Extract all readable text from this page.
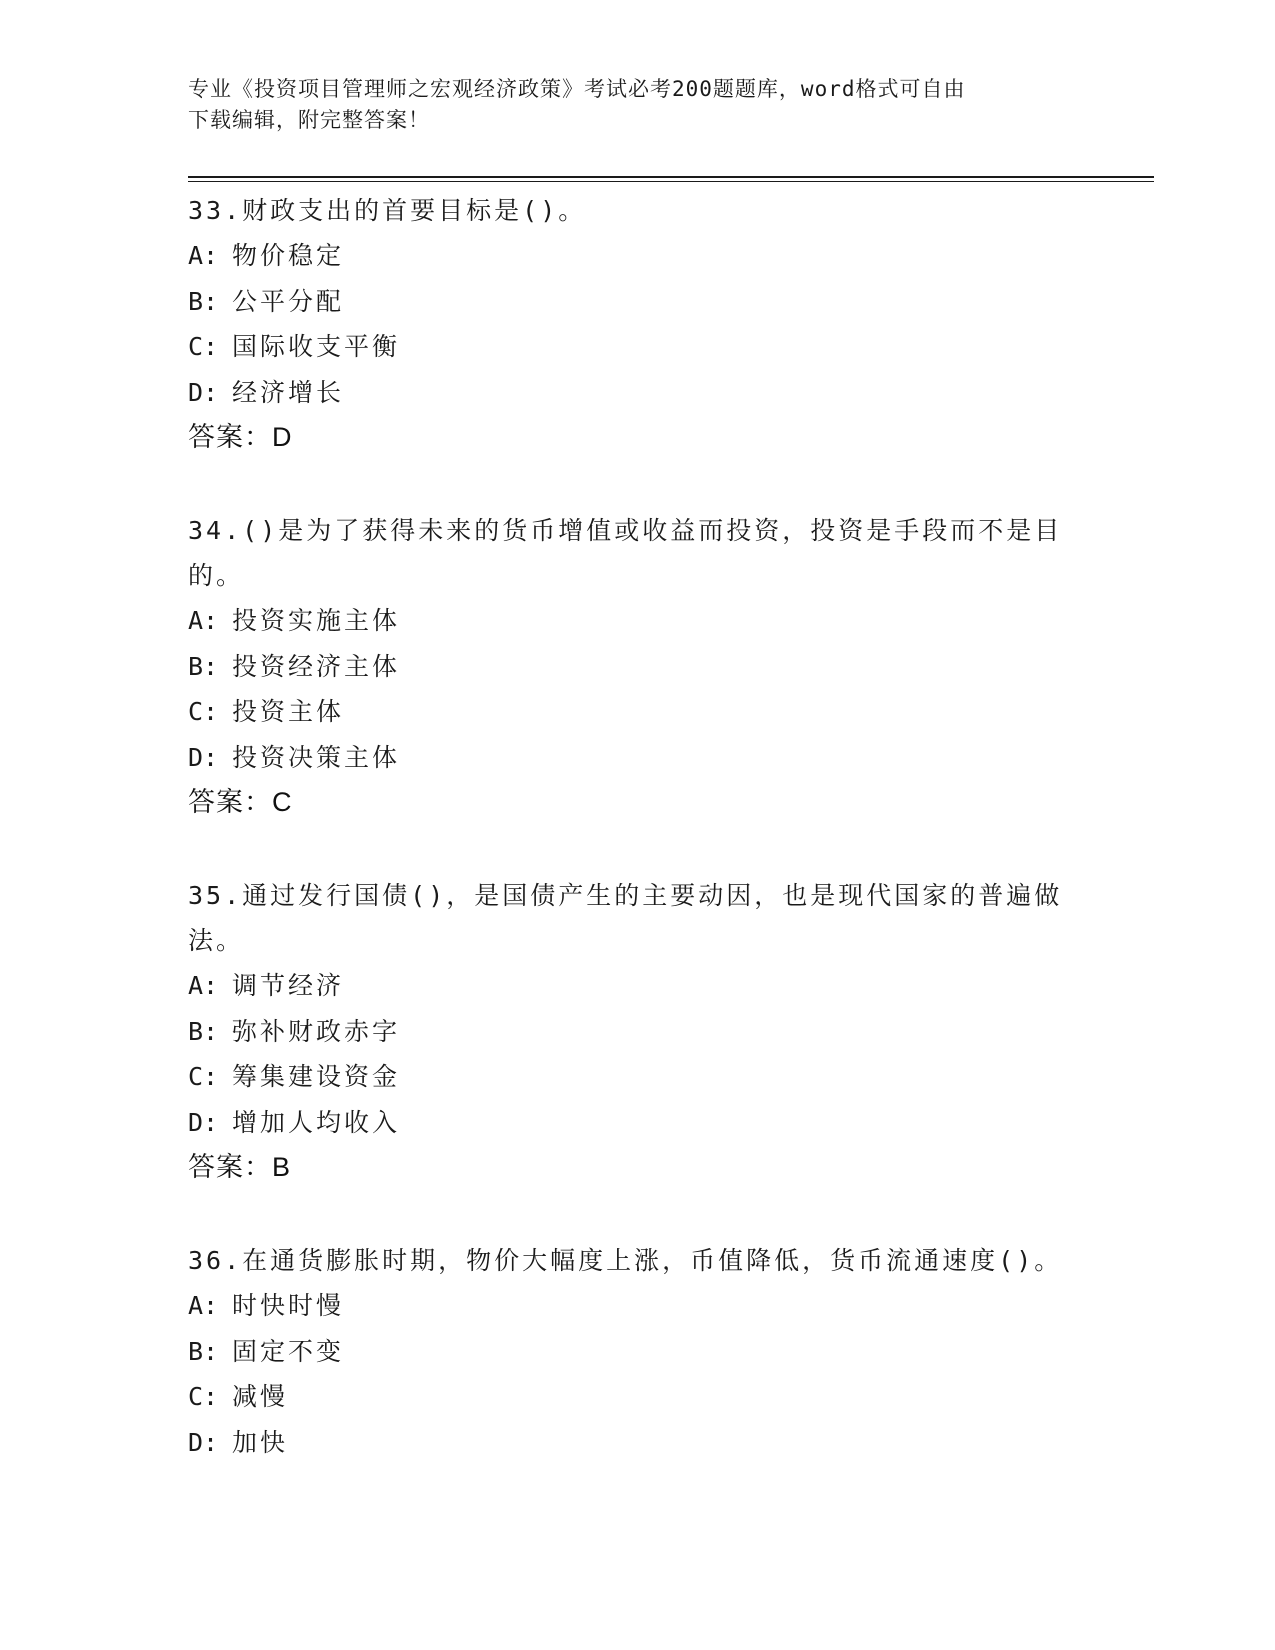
专业《投资项目管理师之宏观经济政策》考试必考200题题库，word格式可自由
下载编辑，附完整答案！
33.财政支出的首要目标是()。
A: 物价稳定
B: 公平分配
C: 国际收支平衡
D: 经济增长
答案：D
34.()是为了获得未来的货币增值或收益而投资，投资是手段而不是目的。
A: 投资实施主体
B: 投资经济主体
C: 投资主体
D: 投资决策主体
答案：C
35.通过发行国债()，是国债产生的主要动因，也是现代国家的普遍做法。
A: 调节经济
B: 弥补财政赤字
C: 筹集建设资金
D: 增加人均收入
答案：B
36.在通货膨胀时期，物价大幅度上涨，币值降低，货币流通速度()。
A: 时快时慢
B: 固定不变
C: 减慢
D: 加快
